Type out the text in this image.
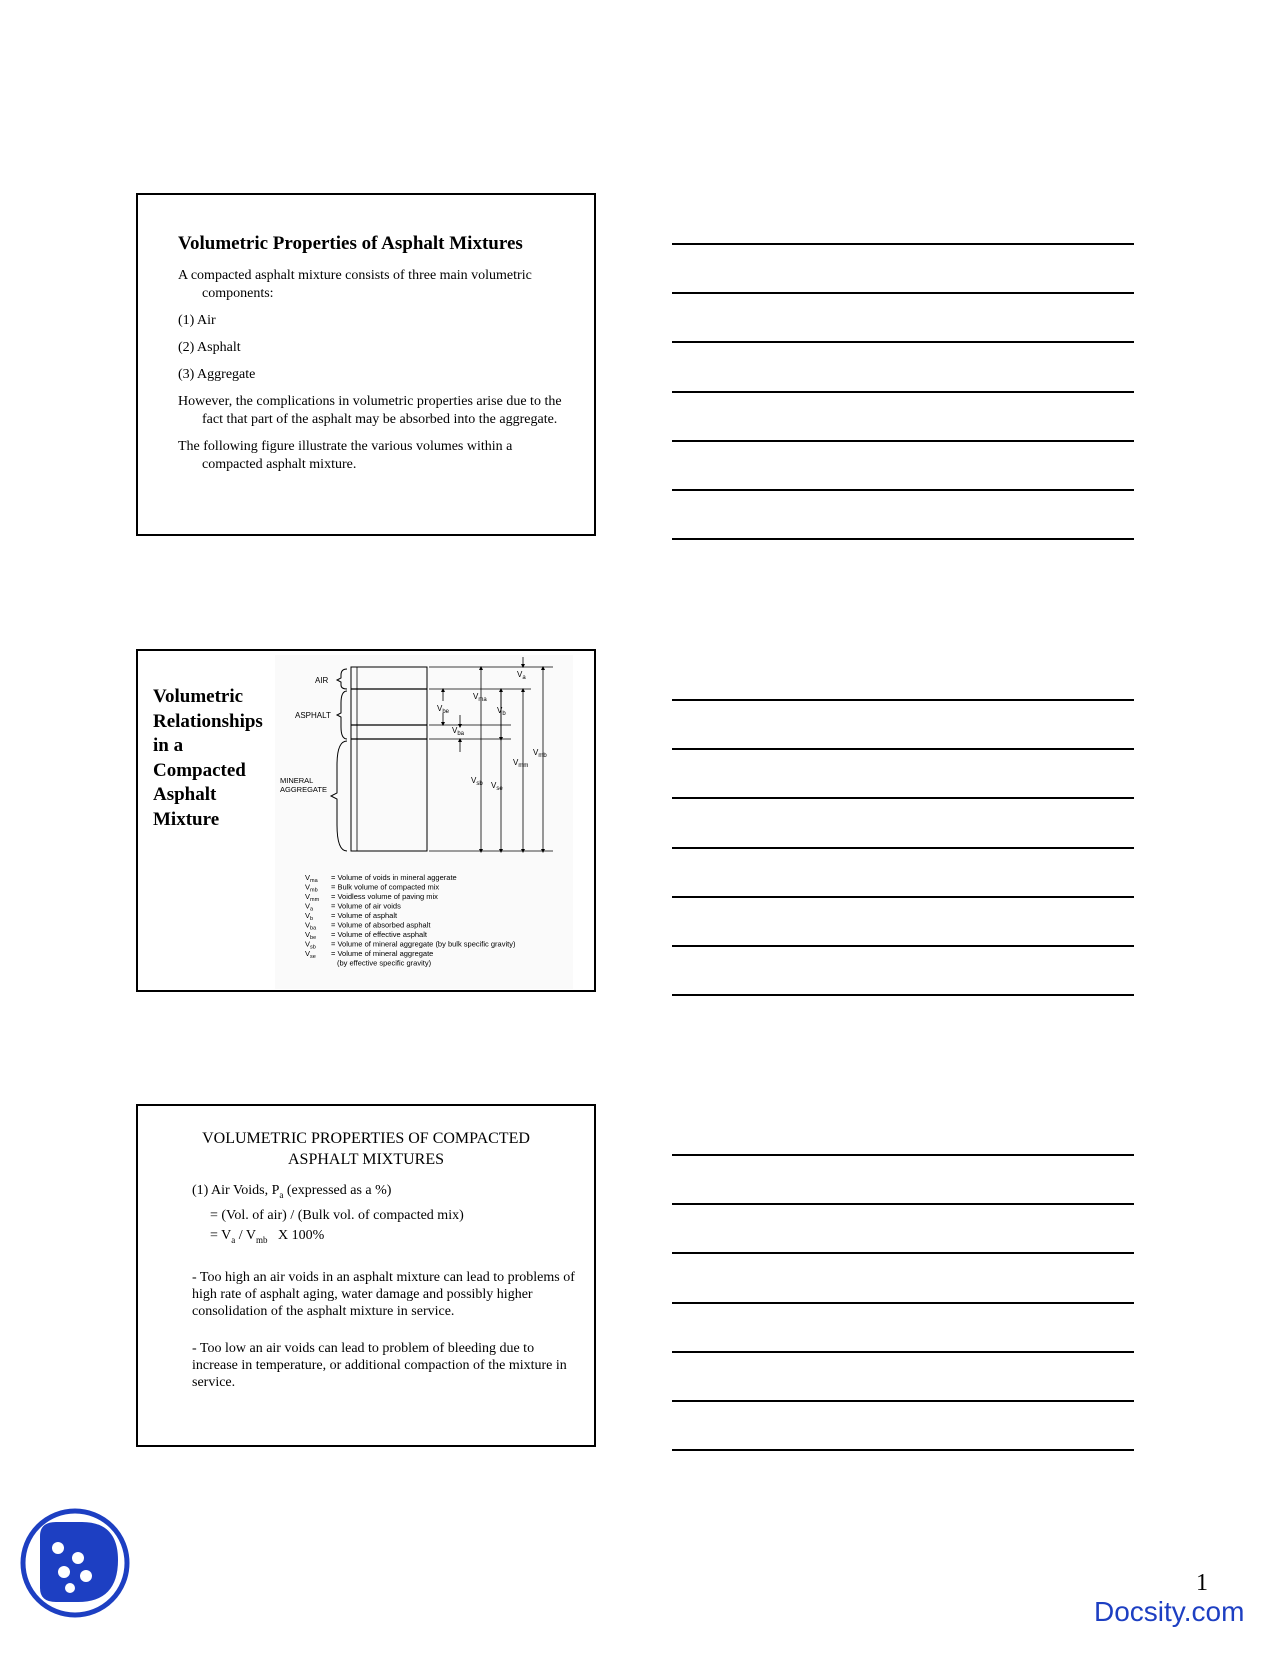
Volumetric Properties of Asphalt Mixtures

A compacted asphalt mixture consists of three main volumetric components:

(1) Air

(2) Asphalt

(3) Aggregate

However, the complications in volumetric properties arise due to the fact that part of the asphalt may be absorbed into the aggregate.

The following figure illustrate the various volumes within a compacted asphalt mixture.

Volumetric Relationships in a Compacted Asphalt Mixture
AIR
ASPHALT
MINERAL
AGGREGATE
$V_a$
$V_{ma}$
$V_{be}$	$V_b$
$V_{ba}$
$V_{mb}$
$V_{mm}$
$V_{sb}$ $V_{se}$
$V_{ma}$ = Volume of voids in mineral aggerate
$V_{mb}$ = Bulk volume of compacted mix
$V_{mm}$ = Voidless volume of paving mix
$V_a$ = Volume of air voids
$V_b$ = Volume of asphalt
$V_{ba}$ = Volume of absorbed asphalt
$V_{be}$ = Volume of effective asphalt
$V_{sb}$ = Volume of mineral aggregate (by bulk specific gravity)
$V_{se}$ = Volume of mineral aggregate
(by effective specific gravity)
VOLUMETRIC PROPERTIES OF COMPACTED
ASPHALT MIXTURES

(1) Air Voids, $P_a$ (expressed as a %)

= (Vol. of air) / (Bulk vol. of compacted mix)

= $V_a / V_{mb}$   X 100%

- Too high an air voids in an asphalt mixture can lead to problems of high rate of asphalt aging, water damage and possibly higher consolidation of the asphalt mixture in service.

- Too low an air voids can lead to problem of bleeding due to increase in temperature, or additional compaction of the mixture in service.

1
Docsity.com
